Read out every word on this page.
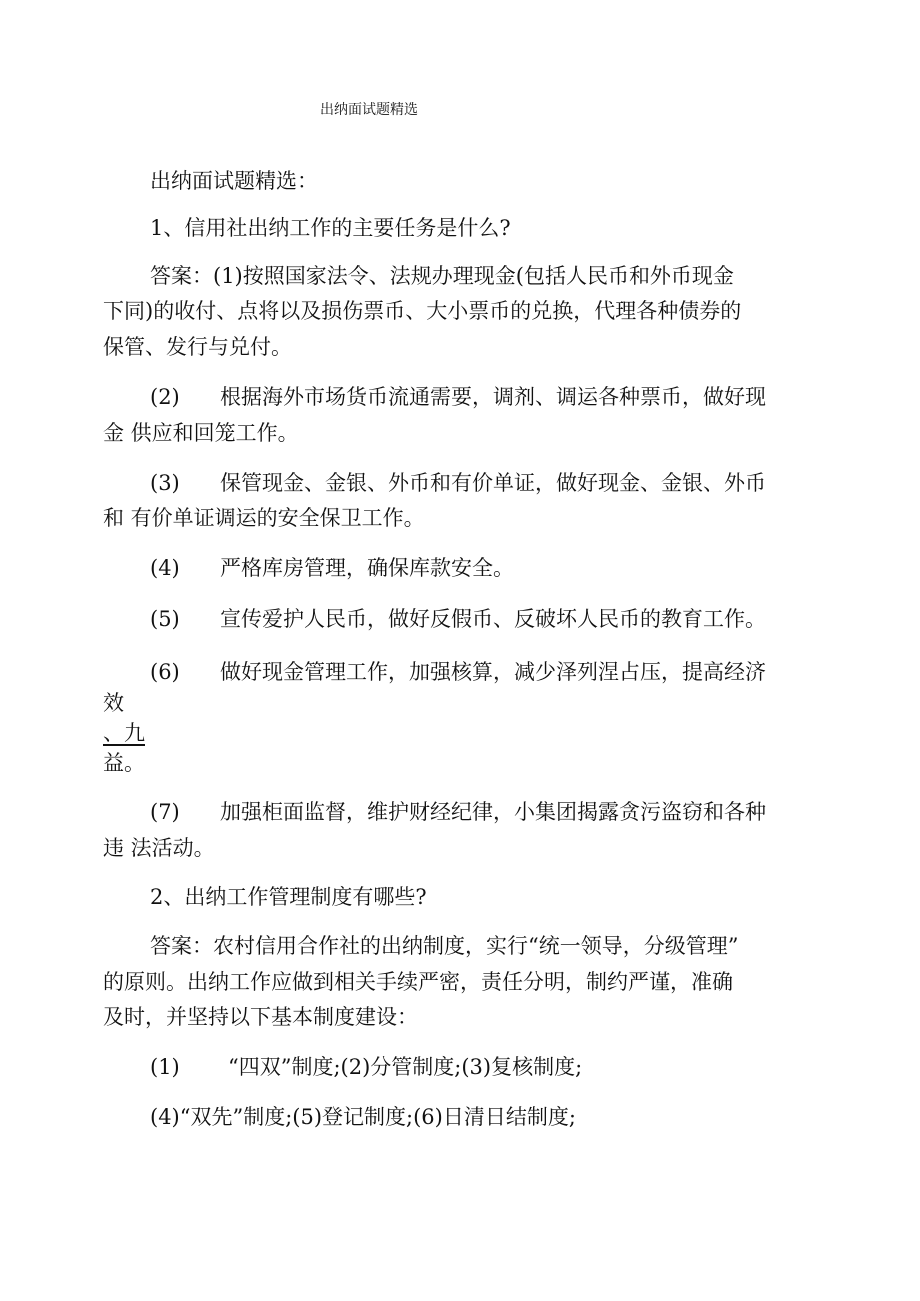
出纳面试题精选
出纳面试题精选：
1、信用社出纳工作的主要任务是什么?
答案：(1)按照国家法令、法规办理现金(包括人民币和外币现金
下同)的收付、点将以及损伤票币、大小票币的兑换，代理各种债券的
保管、发行与兑付。
(2) 根据海外市场货币流通需要，调剂、调运各种票币，做好现
金 供应和回笼工作。
(3) 保管现金、金银、外币和有价单证，做好现金、金银、外币
和 有价单证调运的安全保卫工作。
(4) 严格库房管理，确保库款安全。
(5) 宣传爱护人民币，做好反假币、反破坏人民币的教育工作。
(6) 做好现金管理工作，加强核算，减少泽列涅占压，提高经济
效
、九
益。
(7) 加强柜面监督，维护财经纪律，小集团揭露贪污盗窃和各种
违 法活动。
2、出纳工作管理制度有哪些?
答案：农村信用合作社的出纳制度，实行“统一领导，分级管理”
的原则。出纳工作应做到相关手续严密，责任分明，制约严谨，准确
及时，并坚持以下基本制度建设：
(1) “四双”制度;(2)分管制度;(3)复核制度;
(4)“双先”制度;(5)登记制度;(6)日清日结制度;
